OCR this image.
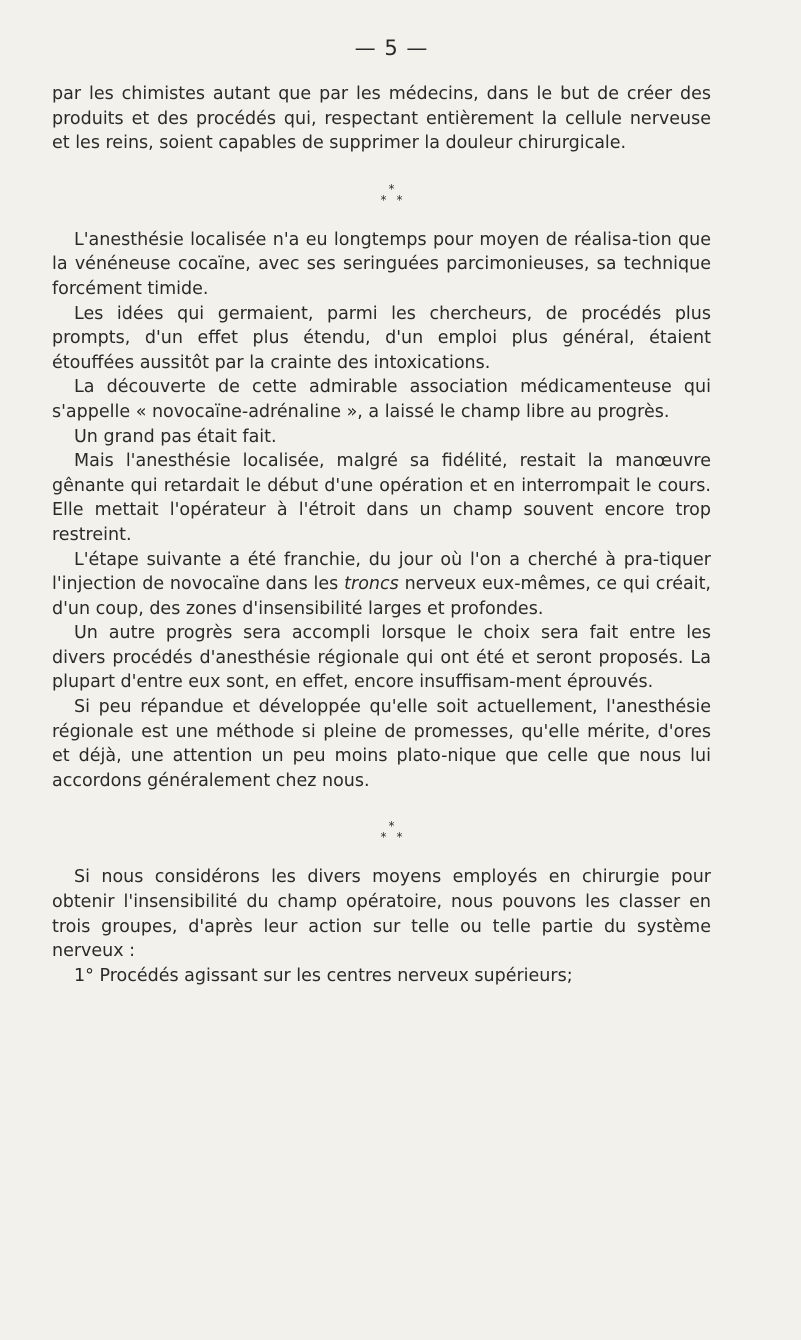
— 5 —

par les chimistes autant que par les médecins, dans le but de créer des produits et des procédés qui, respectant entièrement la cellule nerveuse et les reins, soient capables de supprimer la douleur chirurgicale.

*
* *

L'anesthésie localisée n'a eu longtemps pour moyen de réalisa-tion que la vénéneuse cocaïne, avec ses seringuées parcimonieuses, sa technique forcément timide.

Les idées qui germaient, parmi les chercheurs, de procédés plus prompts, d'un effet plus étendu, d'un emploi plus général, étaient étouffées aussitôt par la crainte des intoxications.

La découverte de cette admirable association médicamenteuse qui s'appelle « novocaïne-adrénaline », a laissé le champ libre au progrès.

Un grand pas était fait.

Mais l'anesthésie localisée, malgré sa fidélité, restait la manœuvre gênante qui retardait le début d'une opération et en interrompait le cours. Elle mettait l'opérateur à l'étroit dans un champ souvent encore trop restreint.

L'étape suivante a été franchie, du jour où l'on a cherché à pra-tiquer l'injection de novocaïne dans les troncs nerveux eux-mêmes, ce qui créait, d'un coup, des zones d'insensibilité larges et profondes.

Un autre progrès sera accompli lorsque le choix sera fait entre les divers procédés d'anesthésie régionale qui ont été et seront proposés. La plupart d'entre eux sont, en effet, encore insuffisam-ment éprouvés.

Si peu répandue et développée qu'elle soit actuellement, l'anesthésie régionale est une méthode si pleine de promesses, qu'elle mérite, d'ores et déjà, une attention un peu moins plato-nique que celle que nous lui accordons généralement chez nous.

*
* *

Si nous considérons les divers moyens employés en chirurgie pour obtenir l'insensibilité du champ opératoire, nous pouvons les classer en trois groupes, d'après leur action sur telle ou telle partie du système nerveux :

1° Procédés agissant sur les centres nerveux supérieurs;
